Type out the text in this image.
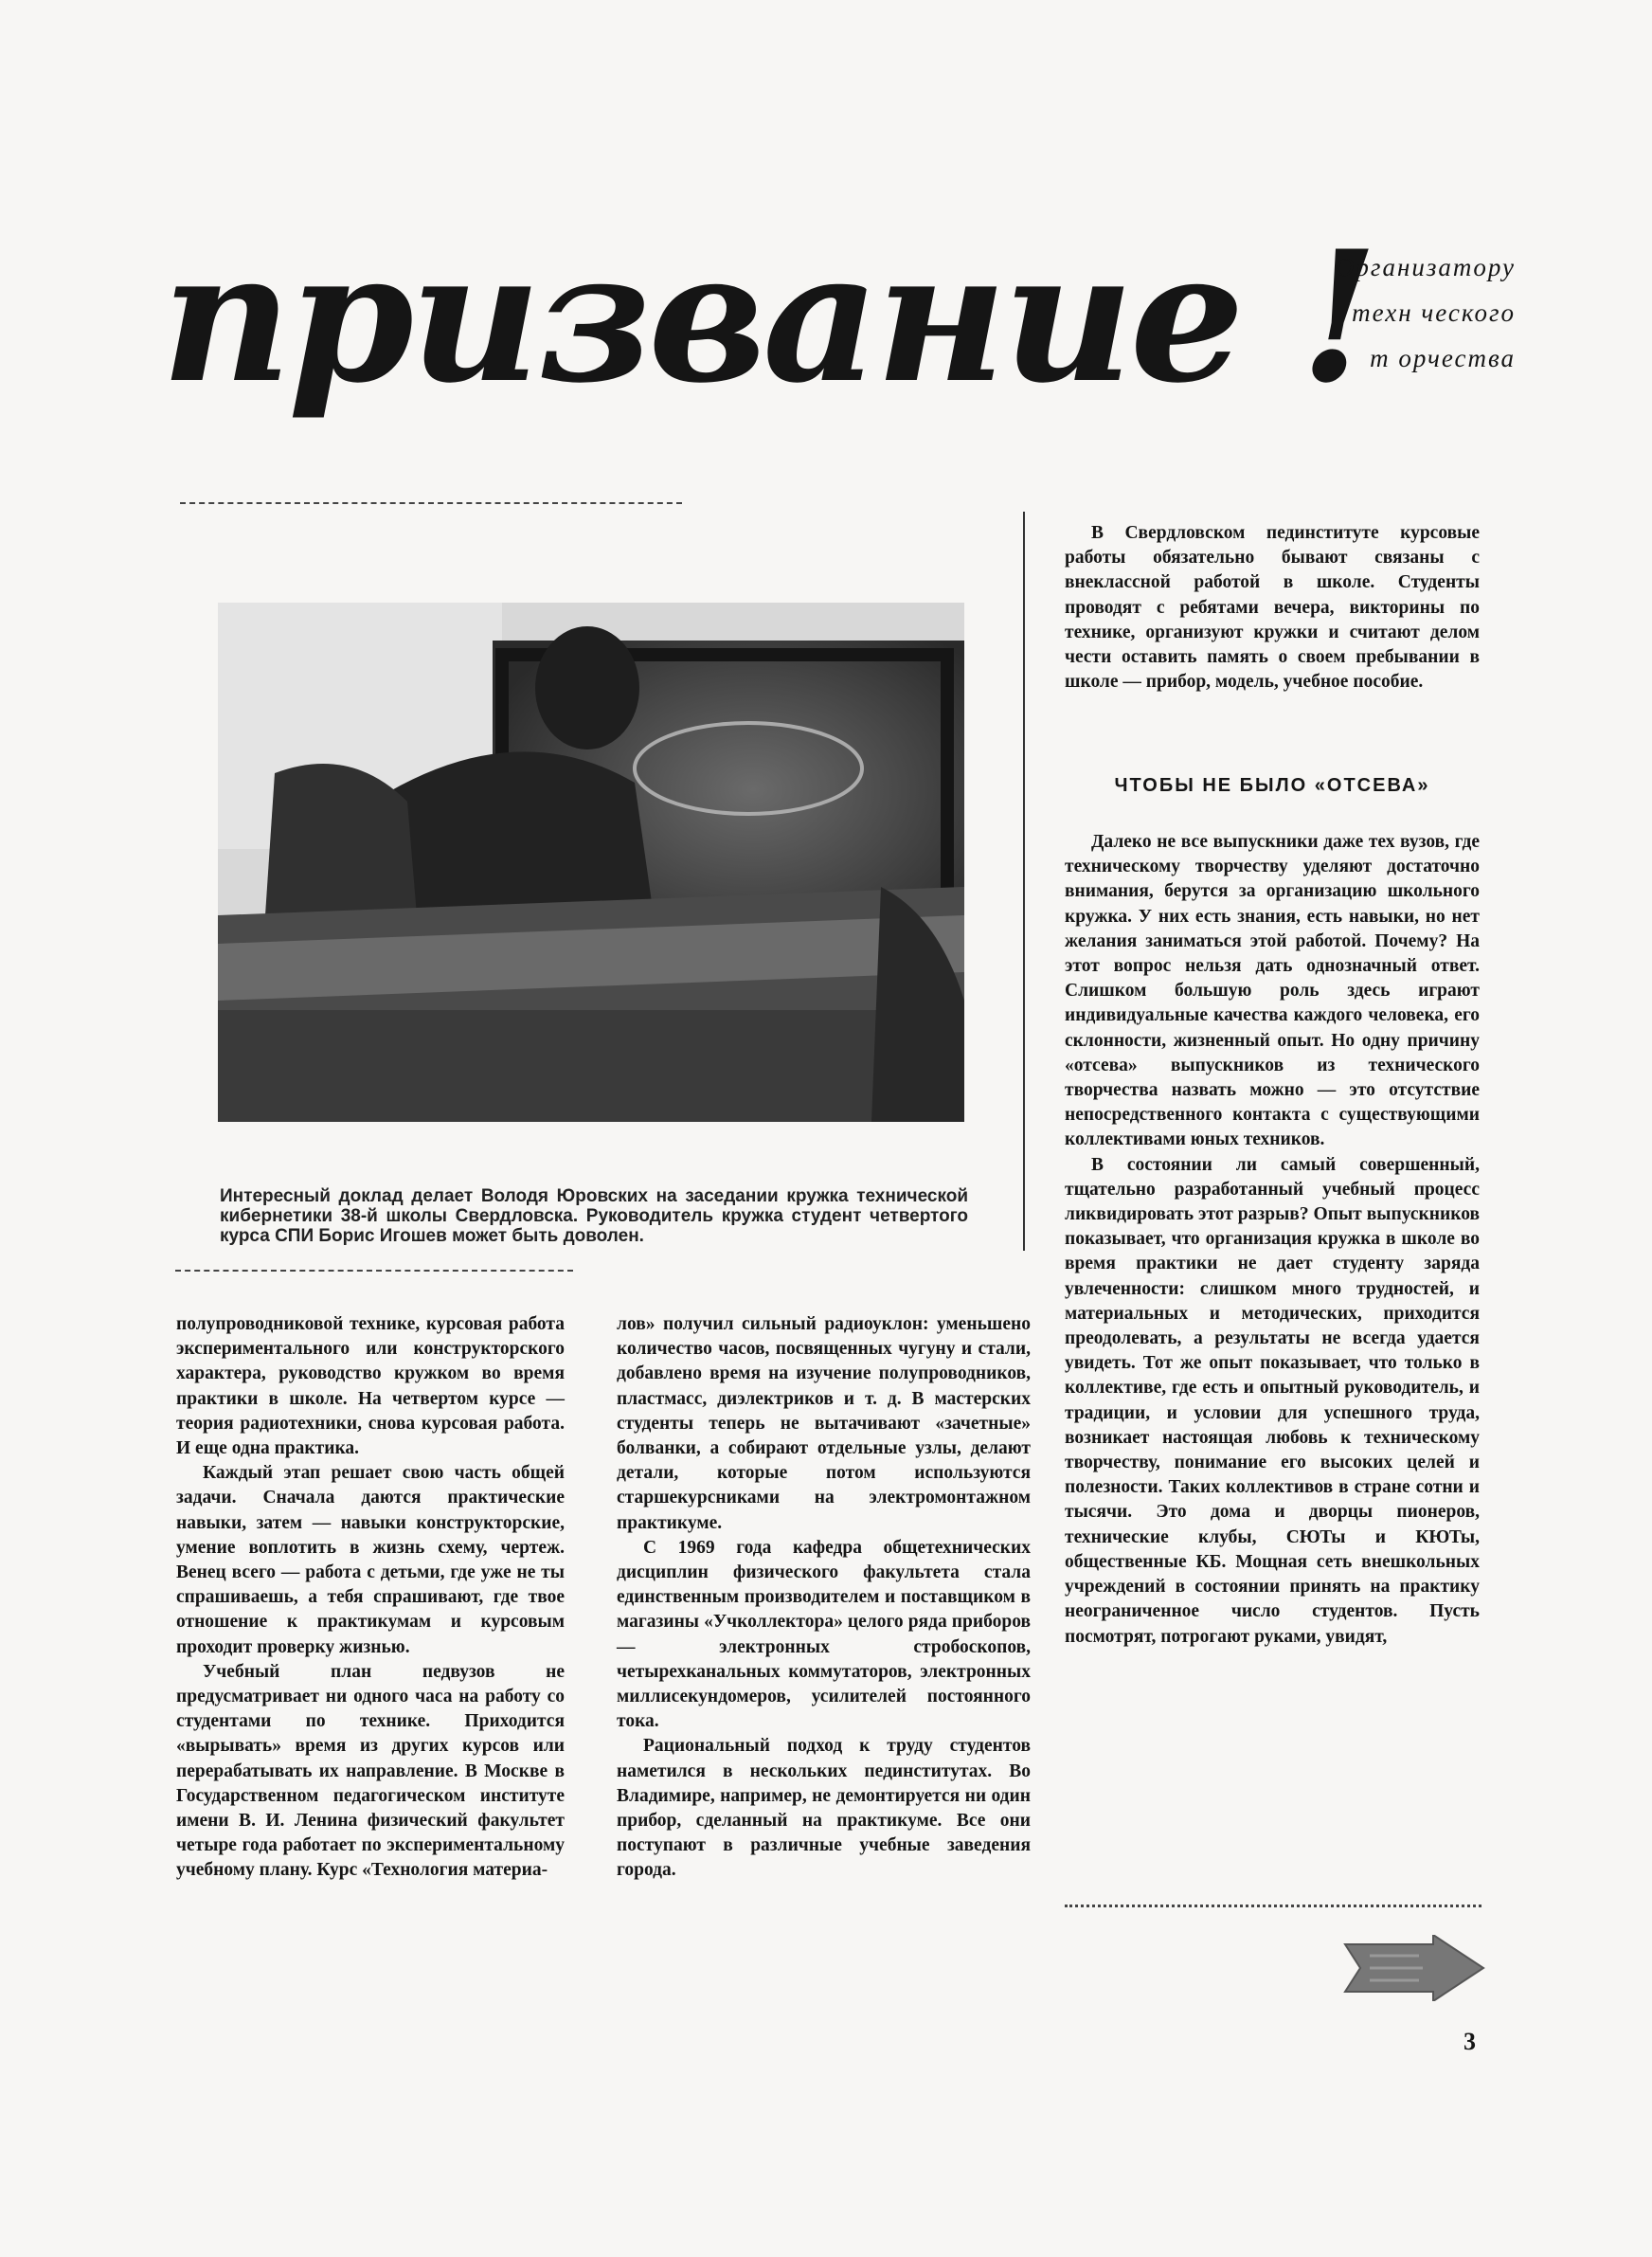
призвание !
Организатору
техн ческого
т орчества
Интересный доклад делает Володя Юровских на заседании кружка технической кибернетики 38-й школы Свердловска. Руководитель кружка студент четвертого курса СПИ Борис Игошев может быть доволен.

полупроводниковой технике, курсовая работа экспериментального или конструкторского характера, руководство кружком во время практики в школе. На четвертом курсе — теория радиотехники, снова курсовая работа. И еще одна практика.

Каждый этап решает свою часть общей задачи. Сначала даются практические навыки, затем — навыки конструкторские, умение воплотить в жизнь схему, чертеж. Венец всего — работа с детьми, где уже не ты спрашиваешь, а тебя спрашивают, где твое отношение к практикумам и курсовым проходит проверку жизнью.

Учебный план педвузов не предусматривает ни одного часа на работу со студентами по технике. Приходится «вырывать» время из других курсов или перерабатывать их направление. В Москве в Государственном педагогическом институте имени В. И. Ленина физический факультет четыре года работает по экспериментальному учебному плану. Курс «Технология материа-

лов» получил сильный радиоуклон: уменьшено количество часов, посвященных чугуну и стали, добавлено время на изучение полупроводников, пластмасс, диэлектриков и т. д. В мастерских студенты теперь не вытачивают «зачетные» болванки, а собирают отдельные узлы, делают детали, которые потом используются старшекурсниками на электромонтажном практикуме.

С 1969 года кафедра общетехнических дисциплин физического факультета стала единственным производителем и поставщиком в магазины «Учколлектора» целого ряда приборов — электронных стробоскопов, четырехканальных коммутаторов, электронных миллисекундомеров, усилителей постоянного тока.

Рациональный подход к труду студентов наметился в нескольких пединститутах. Во Владимире, например, не демонтируется ни один прибор, сделанный на практикуме. Все они поступают в различные учебные заведения города.

В Свердловском пединституте курсовые работы обязательно бывают связаны с внеклассной работой в школе. Студенты проводят с ребятами вечера, викторины по технике, организуют кружки и считают делом чести оставить память о своем пребывании в школе — прибор, модель, учебное пособие.

ЧТОБЫ НЕ БЫЛО «ОТСЕВА»

Далеко не все выпускники даже тех вузов, где техническому творчеству уделяют достаточно внимания, берутся за организацию школьного кружка. У них есть знания, есть навыки, но нет желания заниматься этой работой. Почему? На этот вопрос нельзя дать однозначный ответ. Слишком большую роль здесь играют индивидуальные качества каждого человека, его склонности, жизненный опыт. Но одну причину «отсева» выпускников из технического творчества назвать можно — это отсутствие непосредственного контакта с существующими коллективами юных техников.

В состоянии ли самый совершенный, тщательно разработанный учебный процесс ликвидировать этот разрыв? Опыт выпускников показывает, что организация кружка в школе во время практики не дает студенту заряда увлеченности: слишком много трудностей, и материальных и методических, приходится преодолевать, а результаты не всегда удается увидеть. Тот же опыт показывает, что только в коллективе, где есть и опытный руководитель, и традиции, и условии для успешного труда, возникает настоящая любовь к техническому творчеству, понимание его высоких целей и полезности. Таких коллективов в стране сотни и тысячи. Это дома и дворцы пионеров, технические клубы, СЮТы и КЮТы, общественные КБ. Мощная сеть внешкольных учреждений в состоянии принять на практику неограниченное число студентов. Пусть посмотрят, потрогают руками, увидят,

3
